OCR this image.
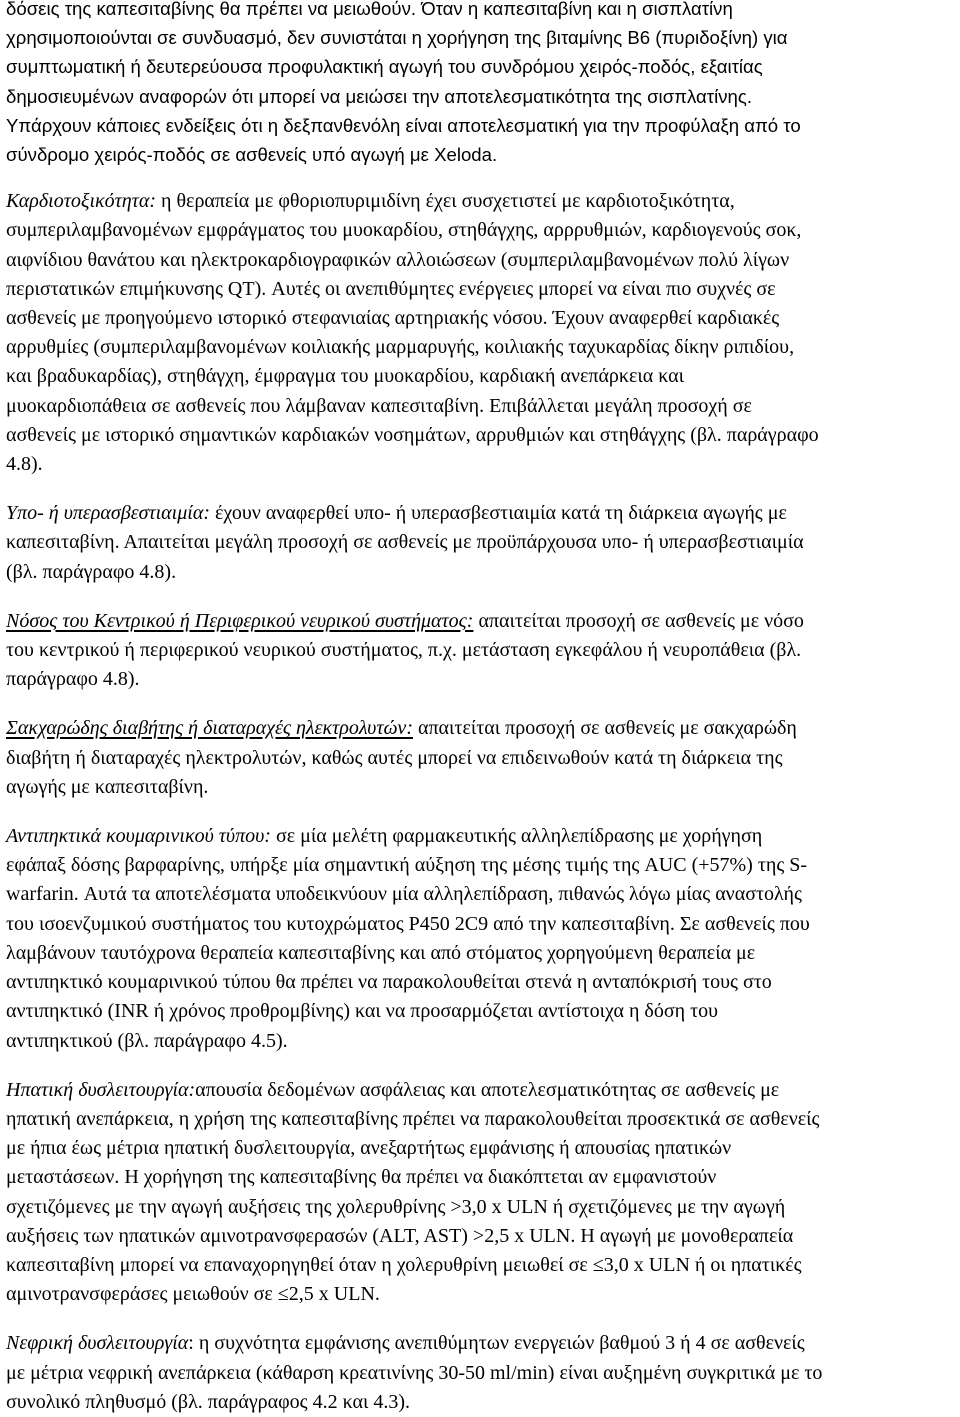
δόσεις της καπεσιταβίνης θα πρέπει να μειωθούν. Όταν η καπεσιταβίνη και η σισπλατίνη
χρησιμοποιούνται σε συνδυασμό, δεν συνιστάται η χορήγηση της βιταμίνης Β6 (πυριδοξίνη) για
συμπτωματική ή δευτερεύουσα προφυλακτική αγωγή του συνδρόμου χειρός-ποδός, εξαιτίας
δημοσιευμένων αναφορών ότι μπορεί να μειώσει την αποτελεσματικότητα της σισπλατίνης.
Υπάρχουν κάποιες ενδείξεις ότι η δεξπανθενόλη είναι αποτελεσματική για την προφύλαξη από το
σύνδρομο χειρός-ποδός σε ασθενείς υπό αγωγή με Xeloda.
Καρδιοτοξικότητα: η θεραπεία με φθοριοπυριμιδίνη έχει συσχετιστεί με καρδιοτοξικότητα,
συμπεριλαμβανομένων εμφράγματος του μυοκαρδίου, στηθάγχης, αρρρυθμιών, καρδιογενούς σοκ,
αιφνίδιου θανάτου και ηλεκτροκαρδιογραφικών αλλοιώσεων (συμπεριλαμβανομένων πολύ λίγων
περιστατικών επιμήκυνσης QT). Αυτές οι ανεπιθύμητες ενέργειες μπορεί να είναι πιο συχνές σε
ασθενείς με προηγούμενο ιστορικό στεφανιαίας αρτηριακής νόσου. Έχουν αναφερθεί καρδιακές
αρρυθμίες (συμπεριλαμβανομένων κοιλιακής μαρμαρυγής, κοιλιακής ταχυκαρδίας δίκην ριπιδίου,
και βραδυκαρδίας), στηθάγχη, έμφραγμα του μυοκαρδίου, καρδιακή ανεπάρκεια και
μυοκαρδιοπάθεια σε ασθενείς που λάμβαναν καπεσιταβίνη. Επιβάλλεται μεγάλη προσοχή σε
ασθενείς με ιστορικό σημαντικών καρδιακών νοσημάτων, αρρυθμιών και στηθάγχης (βλ. παράγραφο
4.8).
Υπο- ή υπερασβεστιαιμία: έχουν αναφερθεί υπο- ή υπερασβεστιαιμία κατά τη διάρκεια αγωγής με
καπεσιταβίνη. Απαιτείται μεγάλη προσοχή σε ασθενείς με προϋπάρχουσα υπο- ή υπερασβεστιαιμία
(βλ. παράγραφο 4.8).
Νόσος του Κεντρικού ή Περιφερικού νευρικού συστήματος: απαιτείται προσοχή σε ασθενείς με νόσο
του κεντρικού ή περιφερικού νευρικού συστήματος, π.χ. μετάσταση εγκεφάλου ή νευροπάθεια (βλ.
παράγραφο 4.8).
Σακχαρώδης διαβήτης ή διαταραχές ηλεκτρολυτών: απαιτείται προσοχή σε ασθενείς με σακχαρώδη
διαβήτη ή διαταραχές ηλεκτρολυτών, καθώς αυτές μπορεί να επιδεινωθούν κατά τη διάρκεια της
αγωγής με καπεσιταβίνη.
Αντιπηκτικά κουμαρινικού τύπου: σε μία μελέτη φαρμακευτικής αλληλεπίδρασης με χορήγηση
εφάπαξ δόσης βαρφαρίνης, υπήρξε μία σημαντική αύξηση της μέσης τιμής της AUC (+57%) της S-
warfarin. Αυτά τα αποτελέσματα υποδεικνύουν μία αλληλεπίδραση, πιθανώς λόγω μίας αναστολής
του ισοενζυμικού συστήματος του κυτοχρώματος P450 2C9 από την καπεσιταβίνη. Σε ασθενείς που
λαμβάνουν ταυτόχρονα θεραπεία καπεσιταβίνης και από στόματος χορηγούμενη θεραπεία με
αντιπηκτικό κουμαρινικού τύπου θα πρέπει να παρακολουθείται στενά η ανταπόκρισή τους στο
αντιπηκτικό (INR ή χρόνος προθρομβίνης) και να προσαρμόζεται αντίστοιχα η δόση του
αντιπηκτικού (βλ. παράγραφο 4.5).
Ηπατική δυσλειτουργία:απουσία δεδομένων ασφάλειας και αποτελεσματικότητας σε ασθενείς με
ηπατική ανεπάρκεια, η χρήση της καπεσιταβίνης πρέπει να παρακολουθείται προσεκτικά σε ασθενείς
με ήπια έως μέτρια ηπατική δυσλειτουργία, ανεξαρτήτως εμφάνισης ή απουσίας ηπατικών
μεταστάσεων. Η χορήγηση της καπεσιταβίνης θα πρέπει να διακόπτεται αν εμφανιστούν
σχετιζόμενες με την αγωγή αυξήσεις της χολερυθρίνης >3,0 x ULN ή σχετιζόμενες με την αγωγή
αυξήσεις των ηπατικών αμινοτρανσφερασών (ALT, AST) >2,5 x ULN. Η αγωγή με μονοθεραπεία
καπεσιταβίνη μπορεί να επαναχορηγηθεί όταν η χολερυθρίνη μειωθεί σε ≤3,0 x ULN ή οι ηπατικές
αμινοτρανσφεράσες μειωθούν σε ≤2,5 x ULN.
Νεφρική δυσλειτουργία: η συχνότητα εμφάνισης ανεπιθύμητων ενεργειών βαθμού 3 ή 4 σε ασθενείς
με μέτρια νεφρική ανεπάρκεια (κάθαρση κρεατινίνης 30-50 ml/min) είναι αυξημένη συγκριτικά με το
συνολικό πληθυσμό (βλ. παράγραφος 4.2 και 4.3).
